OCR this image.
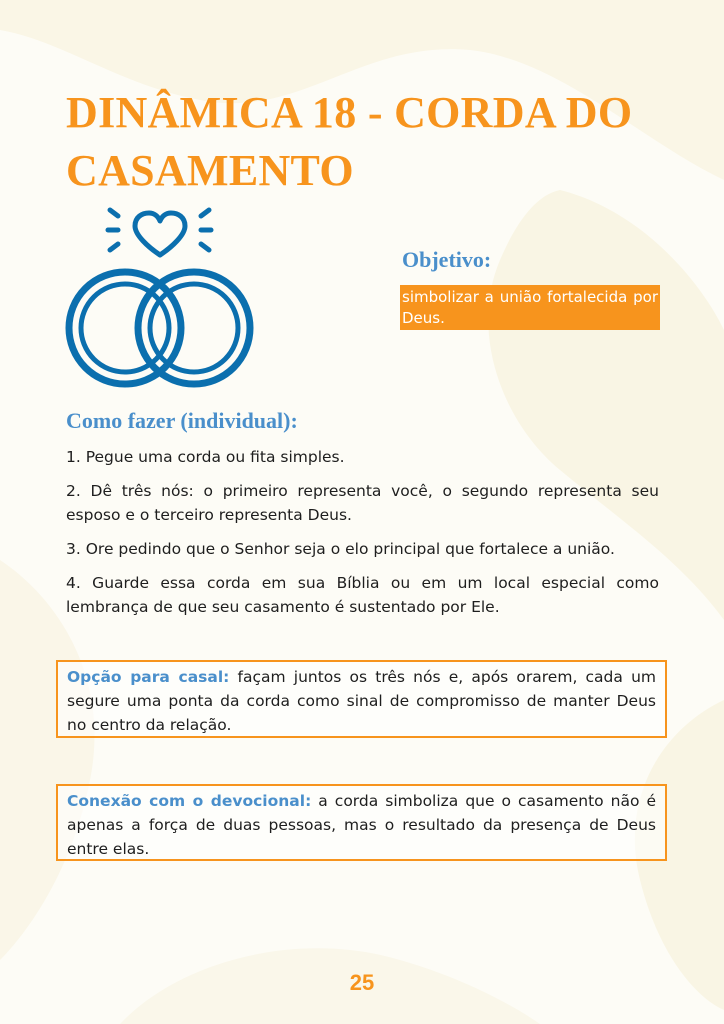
DINÂMICA 18 - CORDA DO CASAMENTO
Objetivo:
simbolizar a união fortalecida por Deus.
Como fazer (individual):

1. Pegue uma corda ou fita simples.

2. Dê três nós: o primeiro representa você, o segundo representa seu esposo e o terceiro representa Deus.

3. Ore pedindo que o Senhor seja o elo principal que fortalece a união.

4. Guarde essa corda em sua Bíblia ou em um local especial como lembrança de que seu casamento é sustentado por Ele.

Opção para casal: façam juntos os três nós e, após orarem, cada um segure uma ponta da corda como sinal de compromisso de manter Deus no centro da relação.
Conexão com o devocional: a corda simboliza que o casamento não é apenas a força de duas pessoas, mas o resultado da presença de Deus entre elas.
25
